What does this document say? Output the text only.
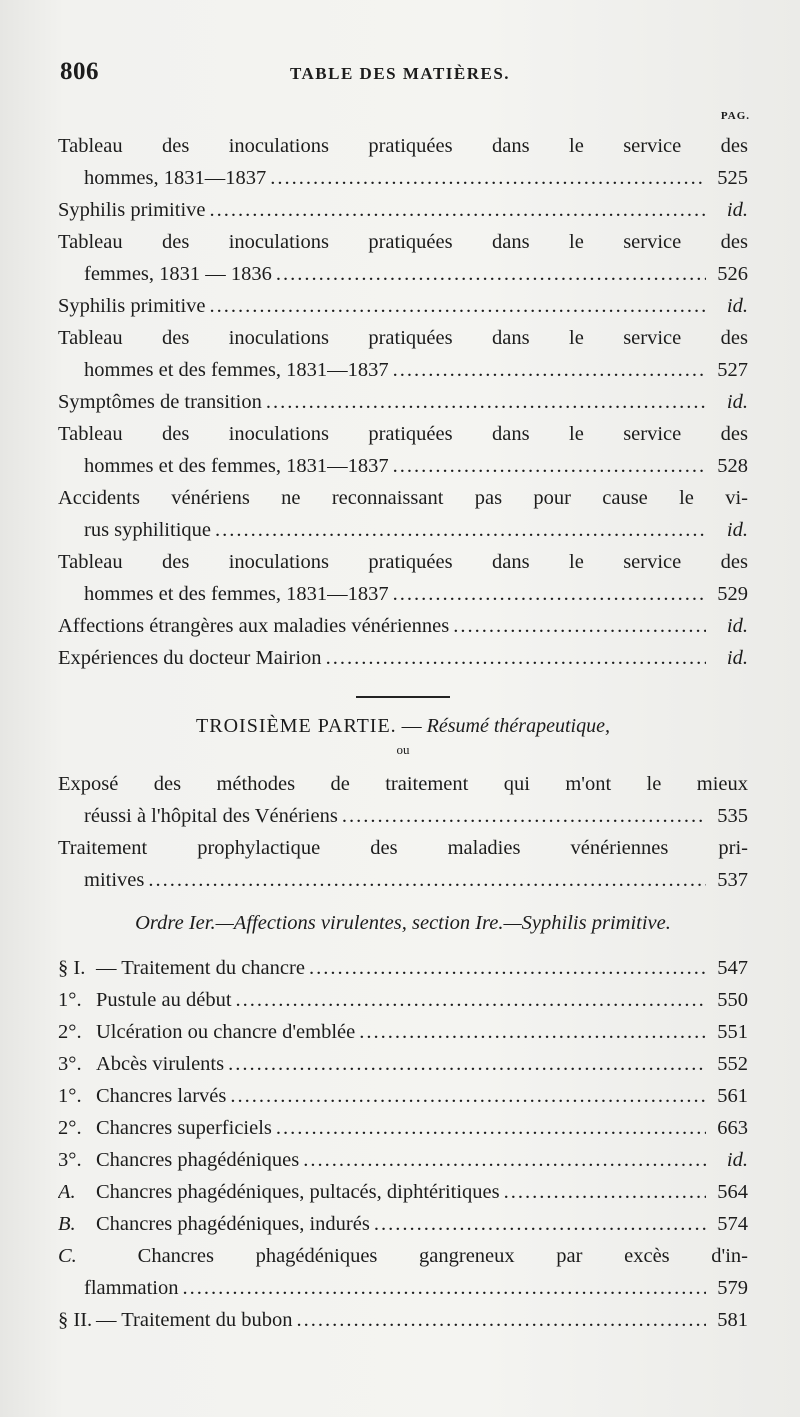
806	TABLE DES MATIÈRES.
PAG.
Tableau des inoculations pratiquées dans le service des
hommes, 1831—1837 .....	525
Syphilis primitive .....	id.
Tableau des inoculations pratiquées dans le service des
femmes, 1831 — 1836 .....	526
Syphilis primitive .....	id.
Tableau des inoculations pratiquées dans le service des
hommes et des femmes, 1831—1837 .....	527
Symptômes de transition .....	id.
Tableau des inoculations pratiquées dans le service des
hommes et des femmes, 1831—1837 .....	528
Accidents vénériens ne reconnaissant pas pour cause le vi-
rus syphilitique .....	id.
Tableau des inoculations pratiquées dans le service des
hommes et des femmes, 1831—1837 .....	529
Affections étrangères aux maladies vénériennes .....	id.
Expériences du docteur Mairion .....	id.
TROISIÈME PARTIE. — Résumé thérapeutique,
ou
Exposé des méthodes de traitement qui m'ont le mieux
réussi à l'hôpital des Vénériens .....	535
Traitement prophylactique des maladies vénériennes pri-
mitives .....	537
Ordre Ier.—Affections virulentes, section Ire.—Syphilis primitive.
§ I. — Traitement du chancre .....	547
1°. Pustule au début .....	550
2°. Ulcération ou chancre d'emblée .....	551
3°. Abcès virulents .....	552
1°. Chancres larvés .....	561
2°. Chancres superficiels .....	663
3°. Chancres phagédéniques .....	id.
A. Chancres phagédéniques, pultacés, diphtéritiques .....	564
B. Chancres phagédéniques, indurés .....	574
C.	Chancres phagédéniques gangreneux par excès d'in-
flammation .....	579
§ II. — Traitement du bubon .....	581
